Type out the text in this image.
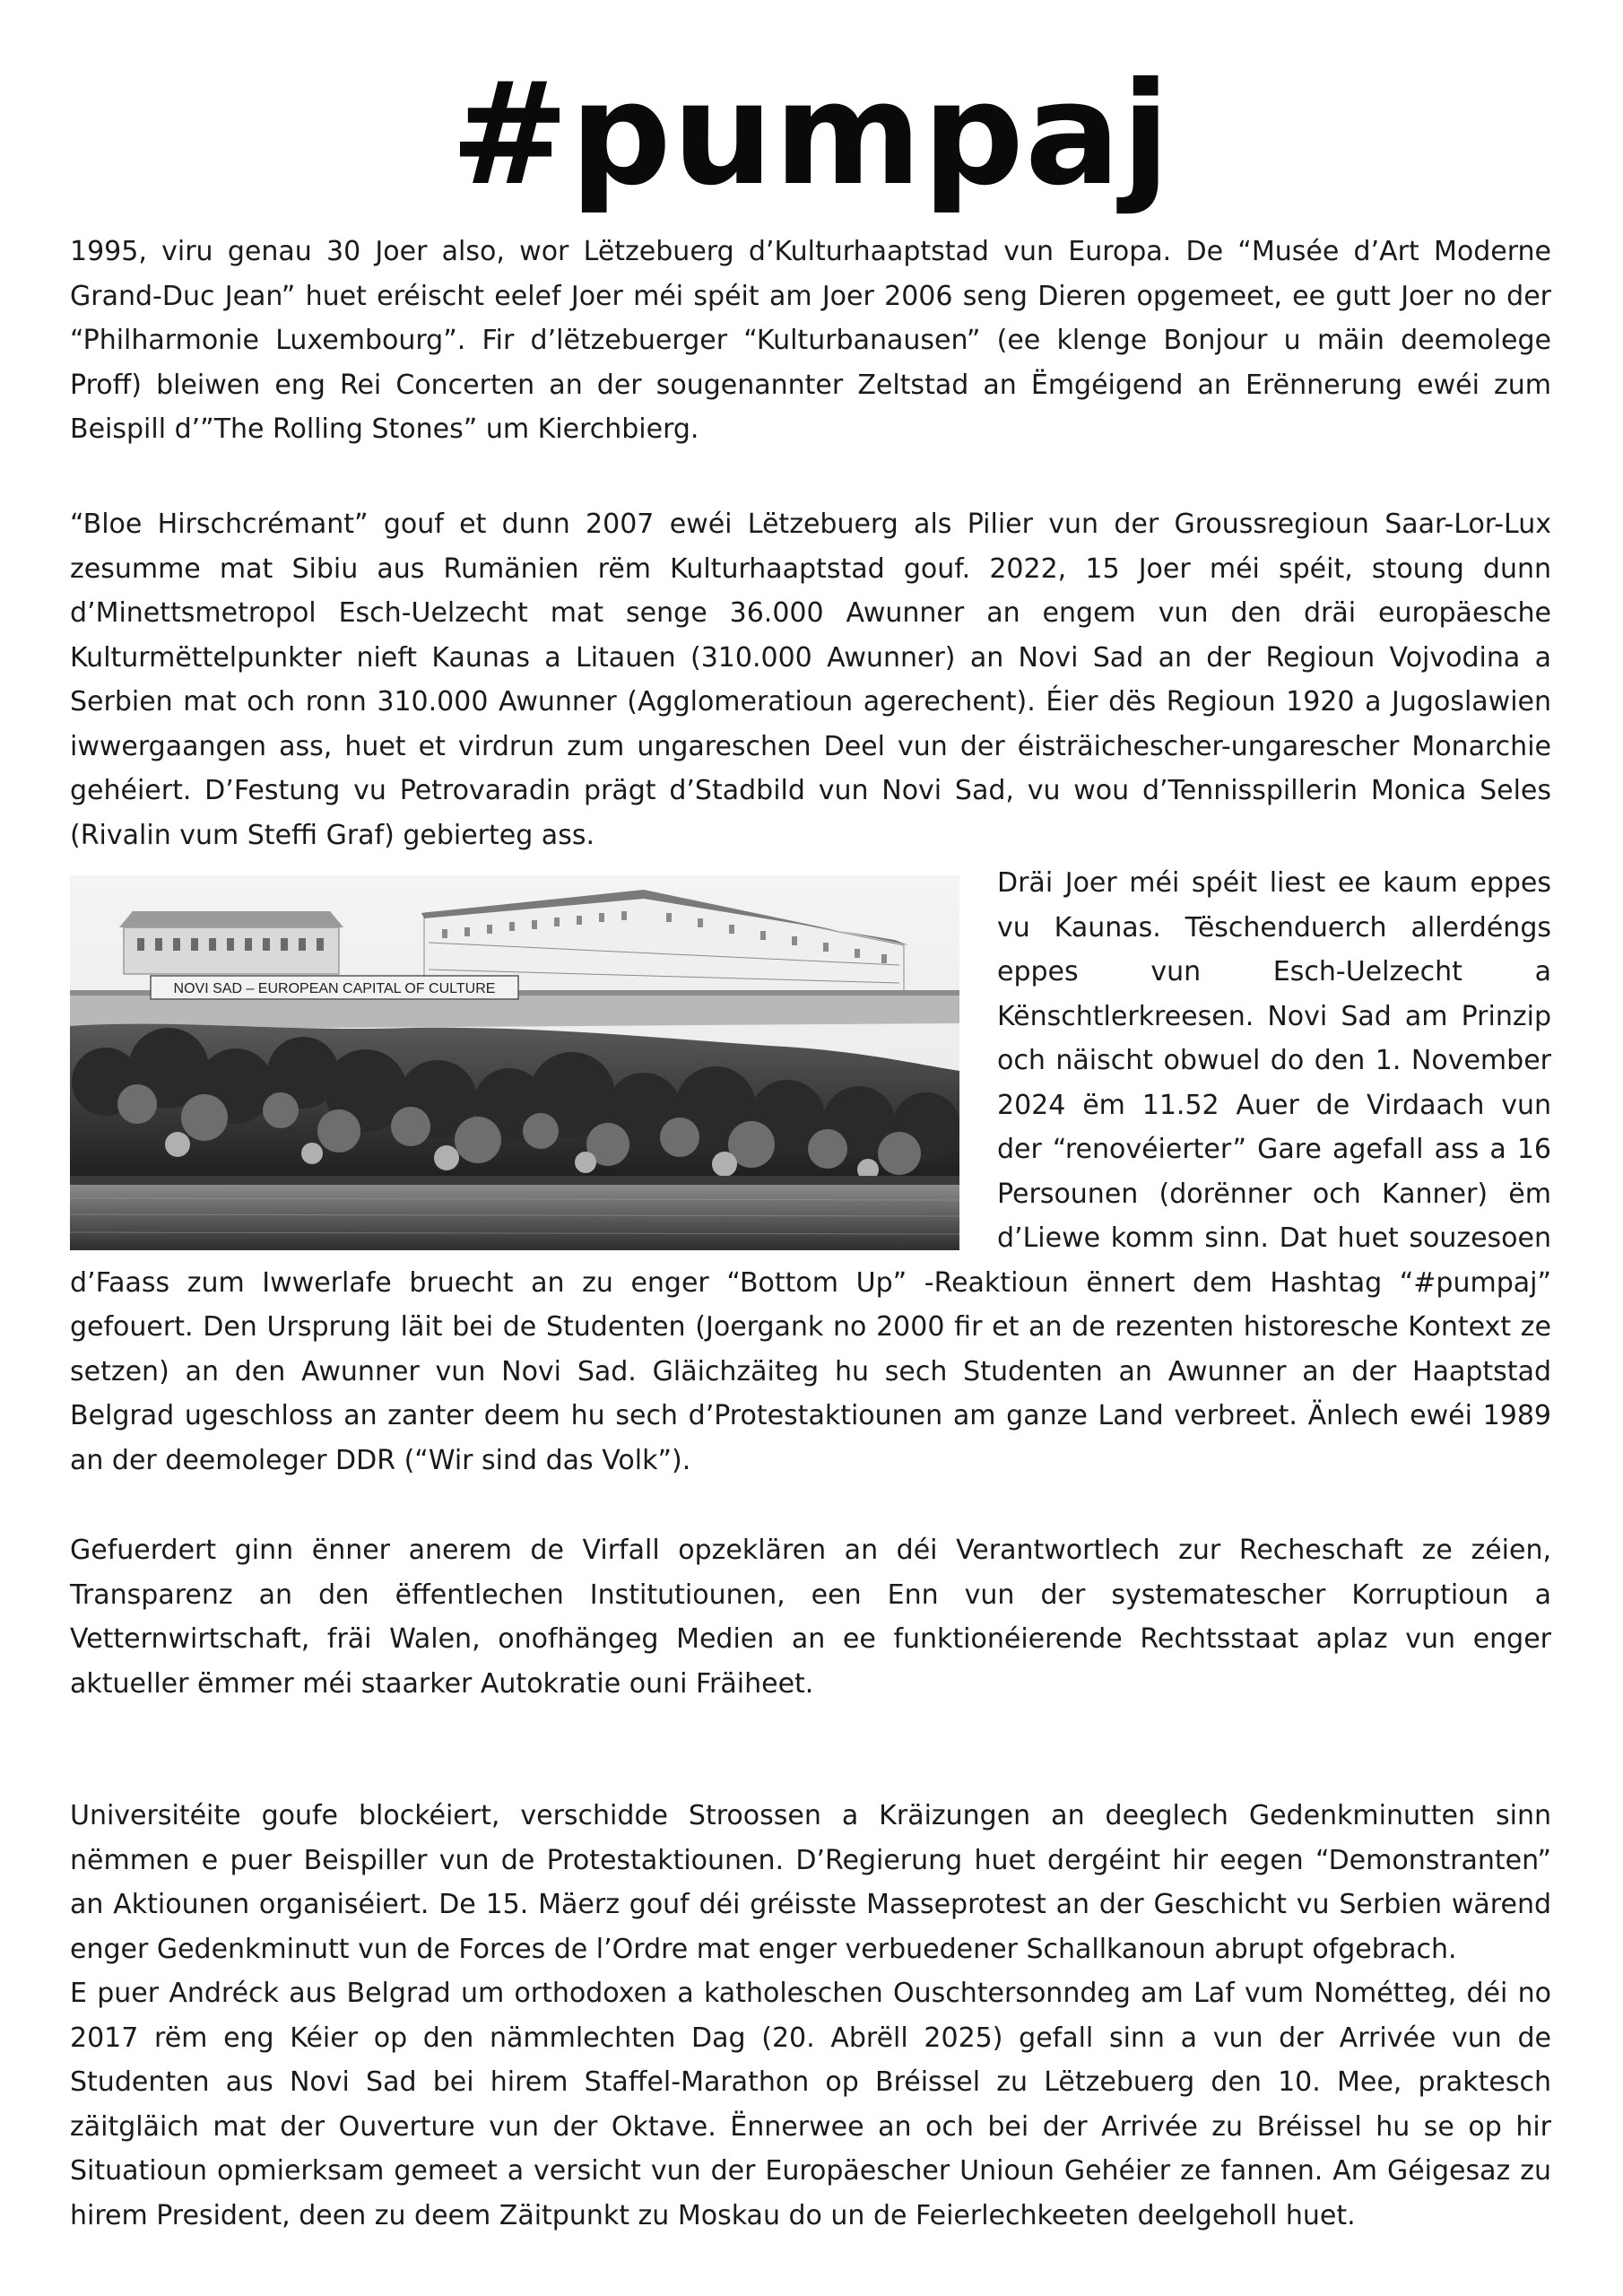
#pumpaj

1995, viru genau 30 Joer also, wor Lëtzebuerg d’Kulturhaaptstad vun Europa. De “Musée d’Art Moderne Grand-Duc Jean” huet eréischt eelef Joer méi spéit am Joer 2006 seng Dieren opgemeet, ee gutt Joer no der “Philharmonie Luxembourg”. Fir d’lëtzebuerger “Kulturbanausen” (ee klenge Bonjour u mäin deemolege Proff) bleiwen eng Rei Concerten an der sougenannter Zeltstad an Ëmgéigend an Erënnerung ewéi zum Beispill d’”The Rolling Stones” um Kierchbierg.

“Bloe Hirschcrémant” gouf et dunn 2007 ewéi Lëtzebuerg als Pilier vun der Groussregioun Saar-Lor-Lux zesumme mat Sibiu aus Rumänien rëm Kulturhaaptstad gouf. 2022, 15 Joer méi spéit, stoung dunn d’Minettsmetropol Esch-Uelzecht mat senge 36.000 Awunner an engem vun den dräi europäesche Kulturmëttelpunkter nieft Kaunas a Litauen (310.000 Awunner) an Novi Sad an der Regioun Vojvodina a Serbien mat och ronn 310.000 Awunner (Agglomeratioun agerechent). Éier dës Regioun 1920 a Jugoslawien iwwergaangen ass, huet et virdrun zum ungareschen Deel vun der éisträichescher-ungarescher Monarchie gehéiert. D’Festung vu Petrovaradin prägt d’Stadbild vun Novi Sad, vu wou d’Tennisspillerin Monica Seles (Rivalin vum Steffi Graf) gebierteg ass.

NOVI SAD – EUROPEAN CAPITAL OF CULTURE

Dräi Joer méi spéit liest ee kaum eppes vu Kaunas. Tëschenduerch allerdéngs eppes vun Esch-Uelzecht a Kënschtlerkreesen. Novi Sad am Prinzip och näischt obwuel do den 1. November 2024 ëm 11.52 Auer de Virdaach vun der “renovéierter” Gare agefall ass a 16 Persounen (dorënner och Kanner) ëm d’Liewe komm sinn. Dat huet souzesoen d’Faass zum Iwwerlafe bruecht an zu enger “Bottom Up” -Reaktioun ënnert dem Hashtag “#pumpaj” gefouert. Den Ursprung läit bei de Studenten (Joergank no 2000 fir et an de rezenten historesche Kontext ze setzen) an den Awunner vun Novi Sad. Gläichzäiteg hu sech Studenten an Awunner an der Haaptstad Belgrad ugeschloss an zanter deem hu sech d’Protestaktiounen am ganze Land verbreet. Änlech ewéi 1989 an der deemoleger DDR (“Wir sind das Volk”).

Gefuerdert ginn ënner anerem de Virfall opzeklären an déi Verantwortlech zur Recheschaft ze zéien, Transparenz an den ëffentlechen Institutiounen, een Enn vun der systematescher Korruptioun a Vetternwirtschaft, fräi Walen, onofhängeg Medien an ee funktionéierende Rechtsstaat aplaz vun enger aktueller ëmmer méi staarker Autokratie ouni Fräiheet.

Universitéite goufe blockéiert, verschidde Stroossen a Kräizungen an deeglech Gedenkminutten sinn nëmmen e puer Beispiller vun de Protestaktiounen. D’Regierung huet dergéint hir eegen “Demonstranten” an Aktiounen organiséiert. De 15. Mäerz gouf déi gréisste Masseprotest an der Geschicht vu Serbien wärend enger Gedenkminutt vun de Forces de l’Ordre mat enger verbuedener Schallkanoun abrupt ofgebrach.

E puer Andréck aus Belgrad um orthodoxen a katholeschen Ouschtersonndeg am Laf vum Nométteg, déi no 2017 rëm eng Kéier op den nämmlechten Dag (20. Abrëll 2025) gefall sinn a vun der Arrivée vun de Studenten aus Novi Sad bei hirem Staffel-Marathon op Bréissel zu Lëtzebuerg den 10. Mee, praktesch zäitgläich mat der Ouverture vun der Oktave. Ënnerwee an och bei der Arrivée zu Bréissel hu se op hir Situatioun opmierksam gemeet a versicht vun der Europäescher Unioun Gehéier ze fannen. Am Géigesaz zu hirem President, deen zu deem Zäitpunkt zu Moskau do un de Feierlechkeeten deelgeholl huet.
